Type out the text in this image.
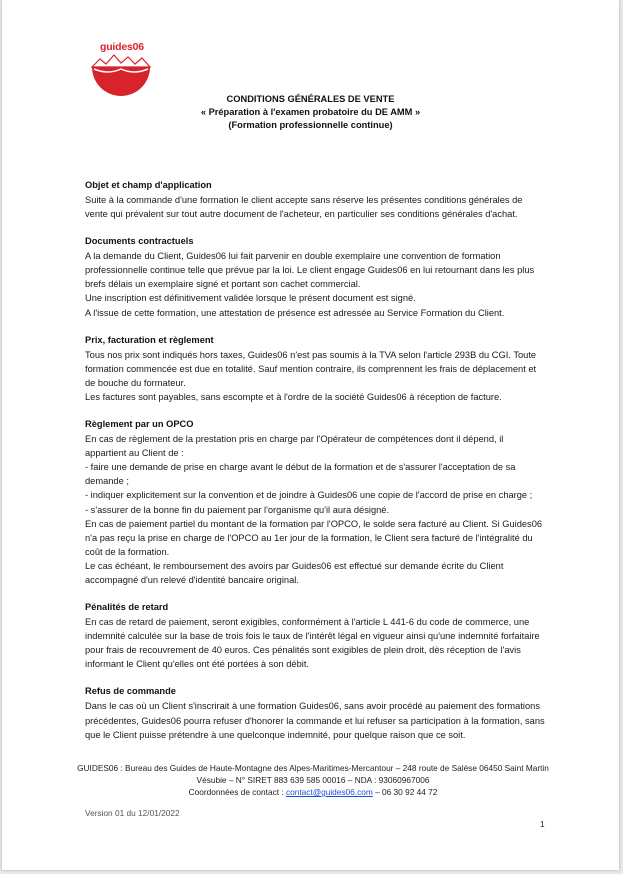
guides06
CONDITIONS GÉNÉRALES DE VENTE
« Préparation à l'examen probatoire du DE AMM »
(Formation professionnelle continue)
Objet et champ d'application

Suite à la commande d'une formation le client accepte sans réserve les présentes conditions générales de vente qui prévalent sur tout autre document de l'acheteur, en particulier ses conditions générales d'achat.

Documents contractuels

A la demande du Client, Guides06 lui fait parvenir en double exemplaire une convention de formation professionnelle continue telle que prévue par la loi. Le client engage Guides06 en lui retournant dans les plus brefs délais un exemplaire signé et portant son cachet commercial.

Une inscription est définitivement validée lorsque le présent document est signé.

A l'issue de cette formation, une attestation de présence est adressée au Service Formation du Client.

Prix, facturation et règlement

Tous nos prix sont indiqués hors taxes, Guides06 n'est pas soumis à la TVA selon l'article 293B du CGI. Toute formation commencée est due en totalité. Sauf mention contraire, ils comprennent les frais de déplacement et de bouche du formateur.

Les factures sont payables, sans escompte et à l'ordre de la société Guides06 à réception de facture.

Règlement par un OPCO

En cas de règlement de la prestation pris en charge par l'Opérateur de compétences dont il dépend, il appartient au Client de :

- faire une demande de prise en charge avant le début de la formation et de s'assurer l'acceptation de sa demande ;

- indiquer explicitement sur la convention et de joindre à Guides06 une copie de l'accord de prise en charge ;

- s'assurer de la bonne fin du paiement par l'organisme qu'il aura désigné.

En cas de paiement partiel du montant de la formation par l'OPCO, le solde sera facturé au Client. Si Guides06 n'a pas reçu la prise en charge de l'OPCO au 1er jour de la formation, le Client sera facturé de l'intégralité du coût de la formation.

Le cas échéant, le remboursement des avoirs par Guides06 est effectué sur demande écrite du Client accompagné d'un relevé d'identité bancaire original.

Pénalités de retard

En cas de retard de paiement, seront exigibles, conformément à l'article L 441-6 du code de commerce, une indemnité calculée sur la base de trois fois le taux de l'intérêt légal en vigueur ainsi qu'une indemnité forfaitaire pour frais de recouvrement de 40 euros. Ces pénalités sont exigibles de plein droit, dès réception de l'avis informant le Client qu'elles ont été portées à son débit.

Refus de commande

Dans le cas où un Client s'inscrirait à une formation Guides06, sans avoir procédé au paiement des formations précédentes, Guides06 pourra refuser d'honorer la commande et lui refuser sa participation à la formation, sans que le Client puisse prétendre à une quelconque indemnité, pour quelque raison que ce soit.

GUIDES06 : Bureau des Guides de Haute-Montagne des Alpes-Maritimes-Mercantour – 248 route de Salèse 06450 Saint Martin Vésubie – N° SIRET 883 639 585 00016 – NDA : 93060967006
Coordonnées de contact : contact@guides06.com – 06 30 92 44 72
Version 01 du 12/01/2022
1
